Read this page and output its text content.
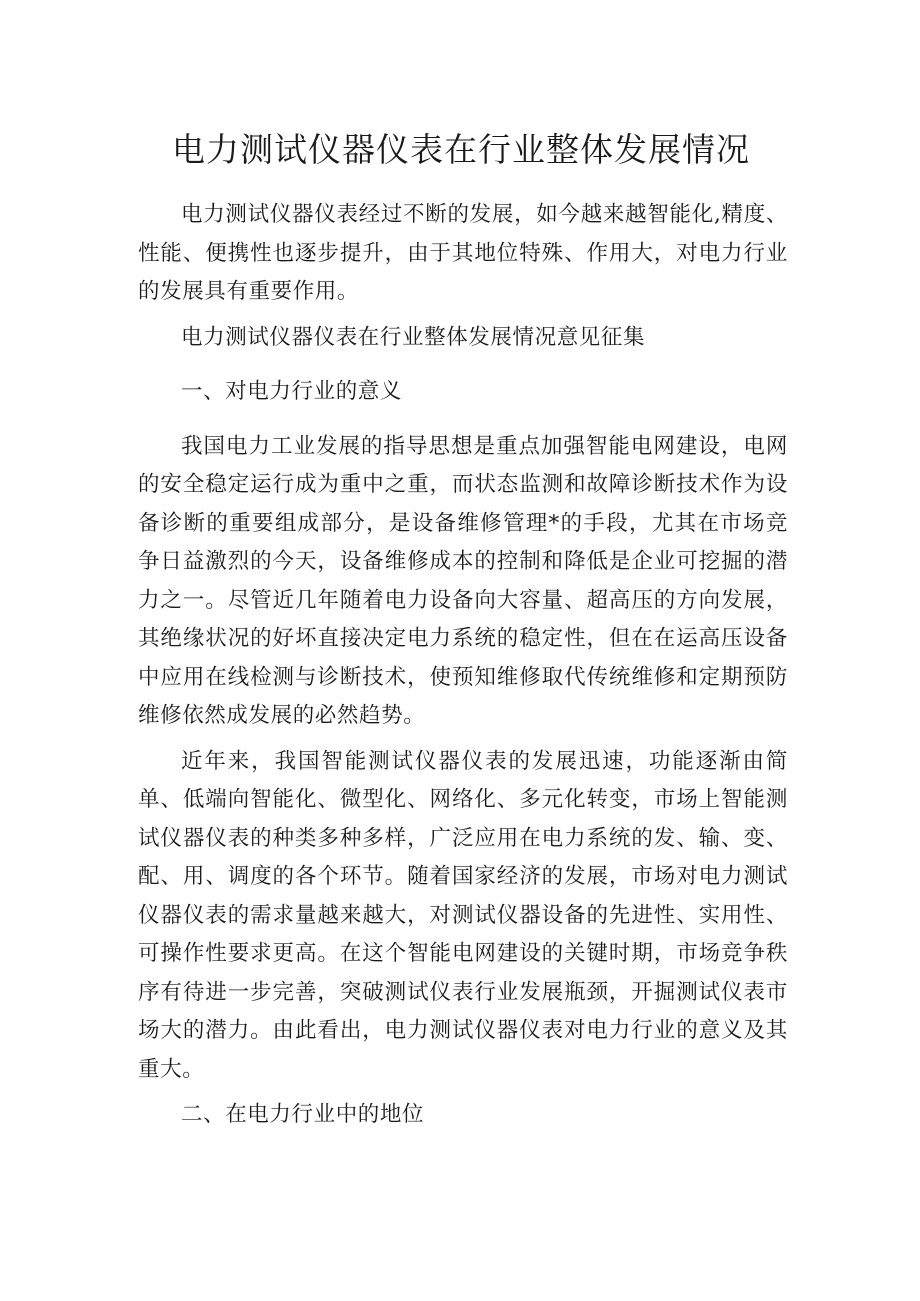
电力测试仪器仪表在行业整体发展情况

电力测试仪器仪表经过不断的发展，如今越来越智能化,精度、性能、便携性也逐步提升，由于其地位特殊、作用大，对电力行业的发展具有重要作用。

电力测试仪器仪表在行业整体发展情况意见征集

一、对电力行业的意义

我国电力工业发展的指导思想是重点加强智能电网建设，电网的安全稳定运行成为重中之重，而状态监测和故障诊断技术作为设备诊断的重要组成部分，是设备维修管理*的手段，尤其在市场竞争日益激烈的今天，设备维修成本的控制和降低是企业可挖掘的潜力之一。尽管近几年随着电力设备向大容量、超高压的方向发展，其绝缘状况的好坏直接决定电力系统的稳定性，但在在运高压设备中应用在线检测与诊断技术，使预知维修取代传统维修和定期预防维修依然成发展的必然趋势。

近年来，我国智能测试仪器仪表的发展迅速，功能逐渐由简单、低端向智能化、微型化、网络化、多元化转变，市场上智能测试仪器仪表的种类多种多样，广泛应用在电力系统的发、输、变、配、用、调度的各个环节。随着国家经济的发展，市场对电力测试仪器仪表的需求量越来越大，对测试仪器设备的先进性、实用性、可操作性要求更高。在这个智能电网建设的关键时期，市场竞争秩序有待进一步完善，突破测试仪表行业发展瓶颈，开掘测试仪表市场大的潜力。由此看出，电力测试仪器仪表对电力行业的意义及其重大。

二、在电力行业中的地位
